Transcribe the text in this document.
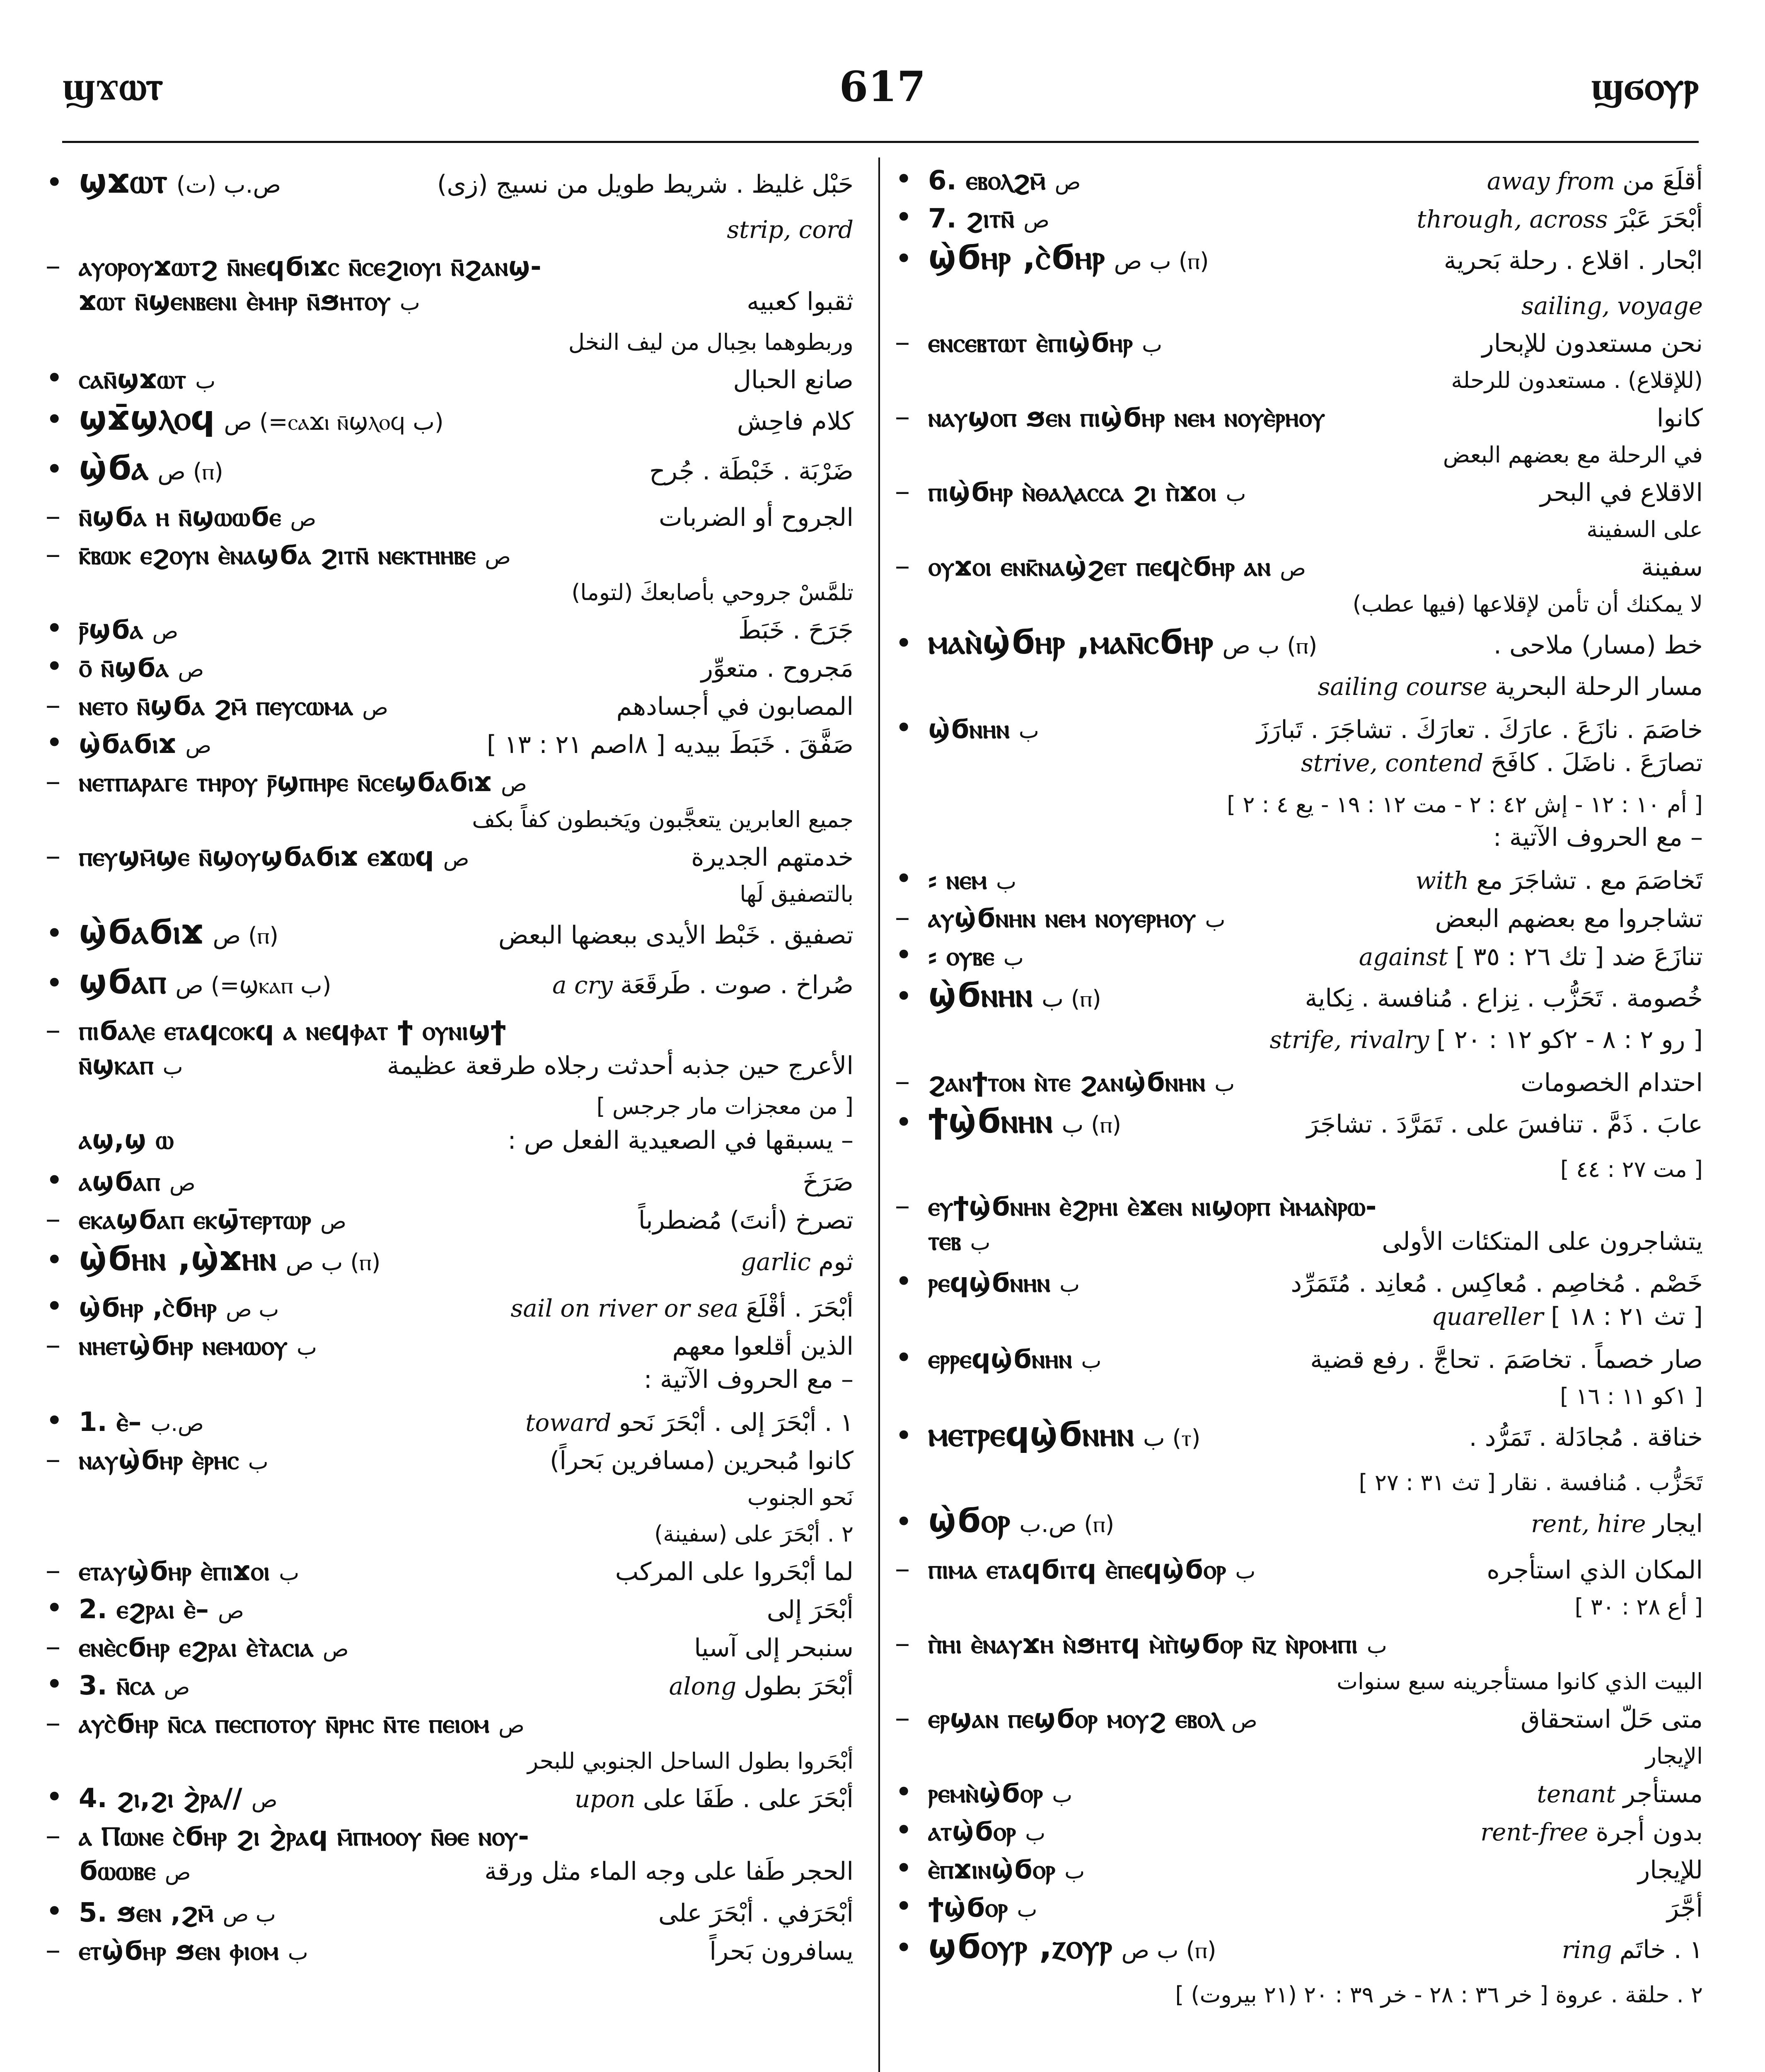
ϣϫⲱⲧ	617	ϣϭⲟⲩⲣ
• ϣϫⲱⲧ ص.ب (ت)	حَبْل غليظ . شريط طويل من نسيج (زى)
strip, cord
– ⲁⲩⲟⲣⲟⲩϫⲱⲧϩ ⲛ̄ⲛⲉϥϭⲓϫⲥ ⲛ̄ⲥⲉϩⲓⲟⲩⲓ ⲛ̄ϩⲁⲛϣ-
ϫⲱⲧ ⲛ̄ϣⲉⲛⲃⲉⲛⲓ ⲉ̀ⲙⲏⲣ ⲛ̄ϧⲏⲧⲟⲩ ب	ثقبوا كعبيه
وربطوهما بحِبال من ليف النخل
• ⲥⲁⲛ̄ϣϫⲱⲧ ب	صانع الحبال
• ϣϫ̄ϣⲗⲟϥ ص (=ⲥⲁϫⲓ ⲛ̄ϣⲗⲟϥ ب)	كلام فاحِش
• ϣ̀ϭⲁ ص (ⲡ)	ضَرْبَة . خَبْطَة . جُرح
– ⲛ̄ϣϭⲁ ⲏ ⲛ̄ϣⲱⲱϭⲉ ص	الجروح أو الضربات
– ⲕ̄ⲃⲱⲕ ⲉϩⲟⲩⲛ ⲉ̀ⲛⲁϣϭⲁ ϩⲓⲧⲛ̄ ⲛⲉⲕⲧⲏⲏⲃⲉ ص
تلمَّسْ جروحي بأصابعكَ (لتوما)
• ⲣ̄ϣϭⲁ ص	جَرَحَ . خَبَطَ
• ⲟ̄ ⲛ̄ϣϭⲁ ص	مَجروح . متعوِّر
– ⲛⲉⲧⲟ ⲛ̄ϣϭⲁ ϩⲙ̄ ⲡⲉⲩⲥⲱⲙⲁ ص	المصابون في أجسادهم
• ϣ̀ϭⲁϭⲓϫ ص	صَفَّقَ . خَبَطَ بيديه [ ٨اصم ٢١ : ١٣ ]
– ⲛⲉⲧⲡⲁⲣⲁⲅⲉ ⲧⲏⲣⲟⲩ ⲣ̄ϣⲡⲏⲣⲉ ⲛ̄ⲥⲉϣϭⲁϭⲓϫ ص
جميع العابرين يتعجَّبون ويَخبطون كفاً بكف
– ⲡⲉⲩϣⲙ̄ϣⲉ ⲛ̄ϣⲟⲩϣϭⲁϭⲓϫ ⲉϫⲱϥ ص	خدمتهم الجديرة
بالتصفيق لَها
• ϣ̀ϭⲁϭⲓϫ ص (ⲡ)	تصفيق . خَبْط الأيدى ببعضها البعض
• ϣϭⲁⲡ ص (=ϣⲕⲁⲡ ب)	a cry صُراخ . صوت . طَرقَعَة
– ⲡⲓϭⲁⲗⲉ ⲉⲧⲁϥⲥⲟⲕϥ ⲁ ⲛⲉϥⲫⲁⲧ ϯ ⲟⲩⲛⲓϣϯ
ⲛ̄ϣⲕⲁⲡ ب	الأعرج حين جذبه أحدثت رجلاه طرقعة عظيمة
[ من معجزات مار جرجس ]
ⲁϣ,ϣ ⲱ	– يسبقها في الصعيدية الفعل ص :
• ⲁϣϭⲁⲡ ص	صَرَخَ
– ⲉⲕⲁϣϭⲁⲡ ⲉⲕϣ̄ⲧⲉⲣⲧⲱⲣ ص	تصرخ (أنتَ) مُضطرباً
• ϣ̀ϭⲏⲛ ,ϣ̀ϫⲏⲛ ب ص (ⲡ)	garlic ثوم
• ϣ̀ϭⲏⲣ ,ⲥ̀ϭⲏⲣ ب ص	sail on river or sea أبْحَرَ . أقْلَعَ
– ⲛⲏⲉⲧϣ̀ϭⲏⲣ ⲛⲉⲙⲱⲟⲩ ب	الذين أقلعوا معهم
– مع الحروف الآتية :
• 1. ⲉ̀– ص.ب	toward ١ . أبْحَرَ إلى . أبْحَرَ نَحو
– ⲛⲁⲩϣ̀ϭⲏⲣ ⲉ̀ⲣⲏⲥ ب	كانوا مُبحرين (مسافرين بَحراً)
نَحو الجنوب
٢ . أبْحَرَ على (سفينة)
– ⲉⲧⲁⲩϣ̀ϭⲏⲣ ⲉ̀ⲡⲓϫⲟⲓ ب	لما أبْحَروا على المركب
• 2. ⲉϩⲣⲁⲓ ⲉ̀– ص	أبْحَرَ إلى
– ⲉⲛⲉ̀ⲥϭⲏⲣ ⲉϩⲣⲁⲓ ⲉ̀ⲧ̀ⲁⲥⲓⲁ ص	سنبحر إلى آسيا
• 3. ⲛ̄ⲥⲁ ص	along أبْحَرَ بطول
– ⲁⲩⲥ̀ϭⲏⲣ ⲛ̄ⲥⲁ ⲡⲉⲥⲡⲟⲧⲟⲩ ⲛ̄ⲣⲏⲥ ⲛ̄ⲧⲉ ⲡⲉⲓⲟⲙ ص
أبْحَروا بطول الساحل الجنوبي للبحر
• 4. ϩⲓ,ϩⲓ ϩ̀ⲣⲁ// ص	upon أبْحَرَ على . طَفَا على
– ⲁ Ⲡⲱⲛⲉ ⲥ̀ϭⲏⲣ ϩⲓ ϩ̀ⲣⲁϥ ⲙ̄ⲡⲙⲟⲟⲩ ⲛ̄ⲑⲉ ⲛⲟⲩ-
ϭⲱⲱⲃⲉ ص	الحجر طَفا على وجه الماء مثل ورقة
• 5. ϧⲉⲛ ,ϩⲙ̄ ب ص	أبْحَرَفي . أبْحَرَ على
– ⲉⲧϣ̀ϭⲏⲣ ϧⲉⲛ ⲫⲓⲟⲙ ب	يسافرون بَحراً
• 6. ⲉⲃⲟⲗϩⲙ̄ ص	away from أقلَعَ من
• 7. ϩⲓⲧⲛ̄ ص	through, across أبْحَرَ عَبْرَ
• ϣ̀ϭⲏⲣ ,ⲥ̀ϭⲏⲣ ب ص (ⲡ)	ابْحار . اقلاع . رحلة بَحرية
sailing, voyage
– ⲉⲛⲥⲉⲃⲧⲱⲧ ⲉ̀ⲡⲓϣ̀ϭⲏⲣ ب	نحن مستعدون للإبحار
(للإقلاع) . مستعدون للرحلة
– ⲛⲁⲩϣⲟⲡ ϧⲉⲛ ⲡⲓϣ̀ϭⲏⲣ ⲛⲉⲙ ⲛⲟⲩⲉ̀ⲣⲏⲟⲩ	كانوا
في الرحلة مع بعضهم البعض
– ⲡⲓϣ̀ϭⲏⲣ ⲛ̀ⲑⲁⲗⲁⲥⲥⲁ ϩⲓ ⲡ̀ϫⲟⲓ ب	الاقلاع في البحر
على السفينة
– ⲟⲩϫⲟⲓ ⲉⲛⲕ̄ⲛⲁϣ̀ϩⲉⲧ ⲡⲉϥⲥ̀ϭⲏⲣ ⲁⲛ ص	سفينة
لا يمكنك أن تأمن لإقلاعها (فيها عطب)
• ⲙⲁⲛ̀ϣ̀ϭⲏⲣ ,ⲙⲁⲛ̄ⲥϭⲏⲣ ب ص (ⲡ)	خط (مسار) ملاحى .
sailing course مسار الرحلة البحرية
• ϣ̀ϭⲛⲏⲛ ب	خاصَمَ . نازَعَ . عارَكَ . تعارَكَ . تشاجَرَ . تَبارَزَ
strive, contend تصارَعَ . ناضَلَ . كافَحَ
[ أم ١٠ : ١٢ - إش ٤٢ : ٢ - مت ١٢ : ١٩ - يع ٤ : ٢ ]
– مع الحروف الآتية :
• ⸗ ⲛⲉⲙ ب	with تَخاصَمَ مع . تشاجَرَ مع
– ⲁⲩϣ̀ϭⲛⲏⲛ ⲛⲉⲙ ⲛⲟⲩⲉⲣⲏⲟⲩ ب	تشاجروا مع بعضهم البعض
• ⸗ ⲟⲩⲃⲉ ب	against تنازَعَ ضد [ تك ٢٦ : ٣٥ ]
• ϣ̀ϭⲛⲏⲛ ب (ⲡ)	خُصومة . تَحَزُّب . نِزاع . مُنافسة . نِكاية
strife, rivalry [ رو ٢ : ٨ - ٢كو ١٢ : ٢٠ ]
– ϩⲁⲛϯⲧⲟⲛ ⲛ̀ⲧⲉ ϩⲁⲛϣ̀ϭⲛⲏⲛ ب	احتدام الخصومات
• ϯϣ̀ϭⲛⲏⲛ ب (ⲡ)	عابَ . ذَمَّ . تنافسَ على . تَمَرَّدَ . تشاجَرَ
[ مت ٢٧ : ٤٤ ]
– ⲉⲩϯϣ̀ϭⲛⲏⲛ ⲉ̀ϩⲣⲏⲓ ⲉ̀ϫⲉⲛ ⲛⲓϣⲟⲣⲡ ⲙ̀ⲙⲁⲛ̀ⲣⲱ-
ⲧⲉⲃ ب	يتشاجرون على المتكئات الأولى
• ⲣⲉϥϣ̀ϭⲛⲏⲛ ب	خَصْم . مُخاصِم . مُعاكِس . مُعانِد . مُتَمَرِّد
quareller [ تث ٢١ : ١٨ ]
• ⲉⲣⲣⲉϥϣ̀ϭⲛⲏⲛ ب	صار خصماً . تخاصَمَ . تحاجَّ . رفع قضية
[ ١كو ١١ : ١٦ ]
• ⲙⲉⲧⲣⲉϥϣ̀ϭⲛⲏⲛ ب (ⲧ)	خناقة . مُجادَلة . تَمَرُّد .
تَحَزُّب . مُنافسة . نقار [ تث ٣١ : ٢٧ ]
• ϣ̀ϭⲟⲣ ص.ب (ⲡ)	rent, hire ايجار
– ⲡⲓⲙⲁ ⲉⲧⲁϥϭⲓⲧϥ ⲉ̀ⲡⲉϥϣ̀ϭⲟⲣ ب	المكان الذي استأجره
[ أع ٢٨ : ٣٠ ]
– ⲡ̀ⲏⲓ ⲉ̀ⲛⲁⲩϫⲏ ⲛ̀ϧⲏⲧϥ ⲙ̀ⲡ̀ϣϭⲟⲣ ⲛ̄ⲍ ⲛ̀ⲣⲟⲙⲡⲓ ب
البيت الذي كانوا مستأجرينه سبع سنوات
– ⲉⲣϣⲁⲛ ⲡⲉϣϭⲟⲣ ⲙⲟⲩϩ ⲉⲃⲟⲗ ص	متى حَلّ استحقاق
الإيجار
• ⲣⲉⲙⲛ̀ϣ̀ϭⲟⲣ ب	tenant مستأجر
• ⲁⲧϣ̀ϭⲟⲣ ب	rent-free بدون أجرة
• ⲉ̀ⲡϫⲓⲛϣ̀ϭⲟⲣ ب	للإيجار
• ϯϣ̀ϭⲟⲣ ب	أجَّرَ
• ϣϭⲟⲩⲣ ,ⲍⲟⲩⲣ ب ص (ⲡ)	ring ١ . خاتَم
٢ . حلقة . عروة [ خر ٣٦ : ٢٨ - خر ٣٩ : ٢٠ (٢١ بيروت) ]
